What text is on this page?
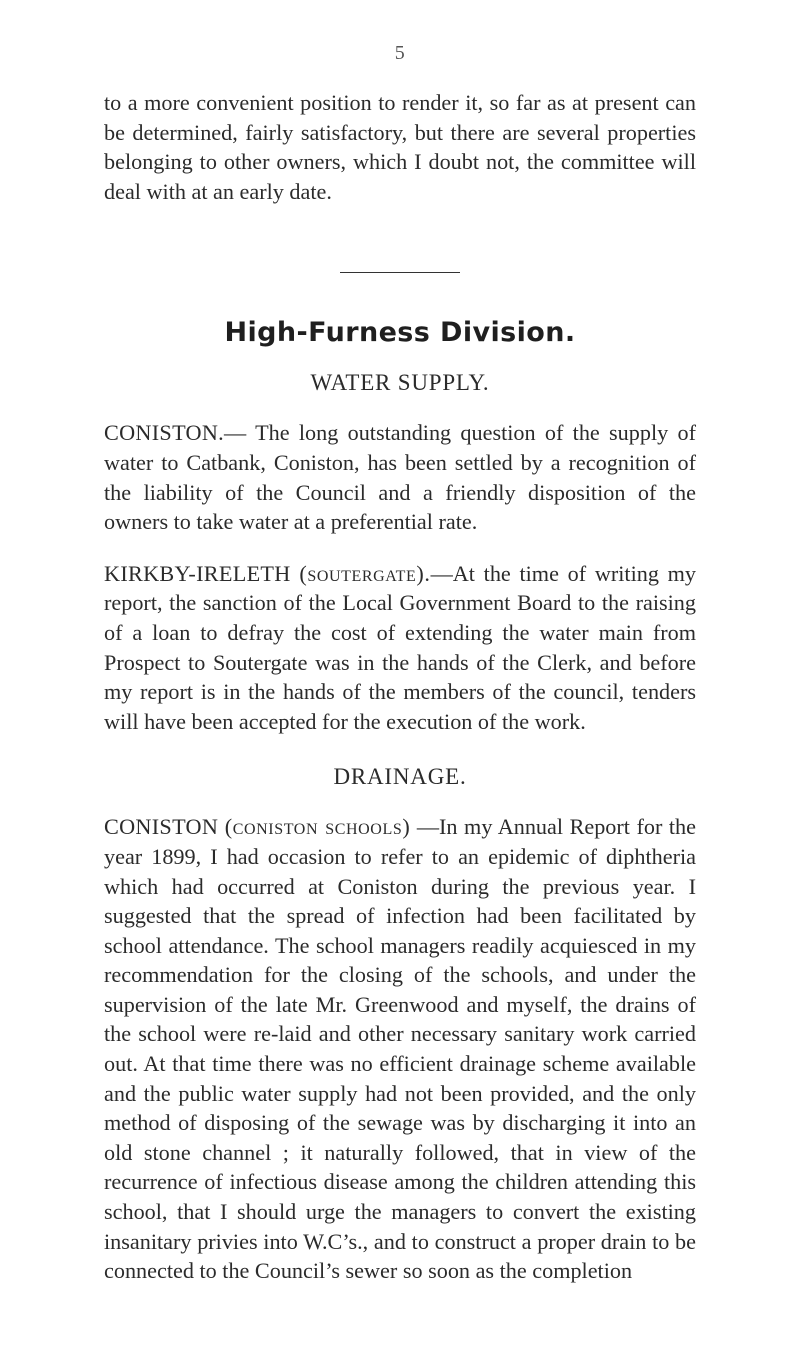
5

to a more convenient position to render it, so far as at present can be determined, fairly satisfactory, but there are several properties belonging to other owners, which I doubt not, the committee will deal with at an early date.

High-Furness Division.
WATER SUPPLY.

CONISTON.— The long outstanding question of the supply of water to Catbank, Coniston, has been settled by a recognition of the liability of the Council and a friendly disposition of the owners to take water at a preferential rate.

KIRKBY-IRELETH (soutergate).—At the time of writing my report, the sanction of the Local Government Board to the raising of a loan to defray the cost of extending the water main from Prospect to Soutergate was in the hands of the Clerk, and before my report is in the hands of the members of the council, tenders will have been accepted for the execution of the work.

DRAINAGE.

CONISTON (coniston schools) —In my Annual Report for the year 1899, I had occasion to refer to an epidemic of diphtheria which had occurred at Coniston during the previous year. I suggested that the spread of infection had been facilitated by school attendance. The school managers readily acquiesced in my recommendation for the closing of the schools, and under the supervision of the late Mr. Greenwood and myself, the drains of the school were re-laid and other necessary sanitary work carried out. At that time there was no efficient drainage scheme available and the public water supply had not been provided, and the only method of disposing of the sewage was by discharging it into an old stone channel ; it naturally followed, that in view of the recurrence of infectious disease among the children attending this school, that I should urge the managers to convert the existing insanitary privies into W.C’s., and to construct a proper drain to be connected to the Council’s sewer so soon as the completion
